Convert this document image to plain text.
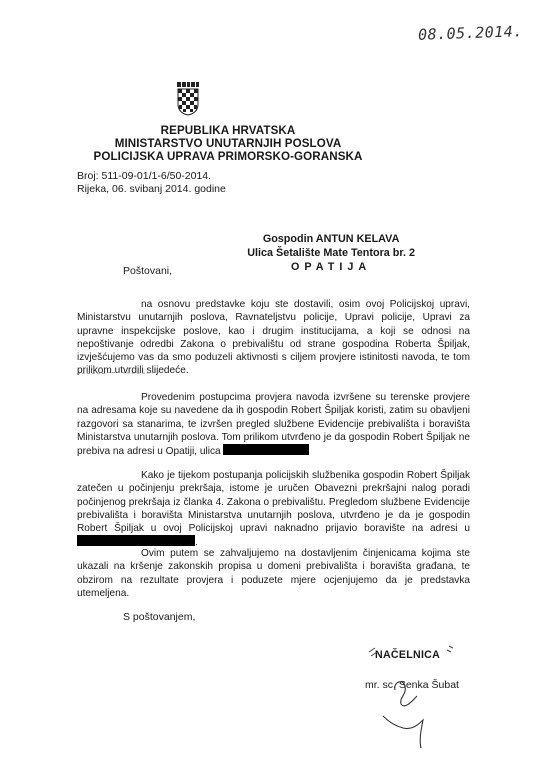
08.05.2014.
REPUBLIKA HRVATSKA
MINISTARSTVO UNUTARNJIH POSLOVA
POLICIJSKA UPRAVA PRIMORSKO-GORANSKA
Broj: 511-09-01/1-6/50-2014.
Rijeka, 06. svibanj 2014. godine
Gospodin ANTUN KELAVA
Ulica Šetalište Mate Tentora br. 2
OPATIJA
Poštovani,
na osnovu predstavke koju ste dostavili, osim ovoj Policijskoj upravi, Ministarstvu unutarnjih poslova, Ravnateljstvu policije, Upravi policije, Upravi za upravne inspekcijske poslove, kao i drugim institucijama, a koji se odnosi na nepoštivanje odredbi Zakona o prebivalištu od strane gospodina Roberta Špiljak, izvješćujemo vas da smo poduzeli aktivnosti s ciljem provjere istinitosti navoda, te tom prilikom utvrdili slijedeće.
Provedenim postupcima provjera navoda izvršene su terenske provjere na adresama koje su navedene da ih gospodin Robert Špiljak koristi, zatim su obavljeni razgovori sa stanarima, te izvršen pregled službene Evidencije prebivališta i boravišta Ministarstva unutarnjih poslova. Tom prilikom utvrđeno je da gospodin Robert Špiljak ne prebiva na adresi u Opatiji, ulica
Kako je tijekom postupanja policijskih službenika gospodin Robert Špiljak zatečen u počinjenju prekršaja, istome je uručen Obavezni prekršajni nalog poradi počinjenog prekršaja iz članka 4. Zakona o prebivalištu. Pregledom službene Evidencije prebivališta i boravišta Ministarstva unutarnjih poslova, utvrđeno je da je gospodin Robert Špiljak u ovoj Policijskoj upravi naknadno prijavio boravište na adresi u .
Ovim putem se zahvaljujemo na dostavljenim činjenicama kojima ste ukazali na kršenje zakonskih propisa u domeni prebivališta i boravišta građana, te obzirom na rezultate provjera i poduzete mjere ocjenjujemo da je predstavka utemeljena.
S poštovanjem,
NAČELNICA
mr. sc. Senka Šubat
